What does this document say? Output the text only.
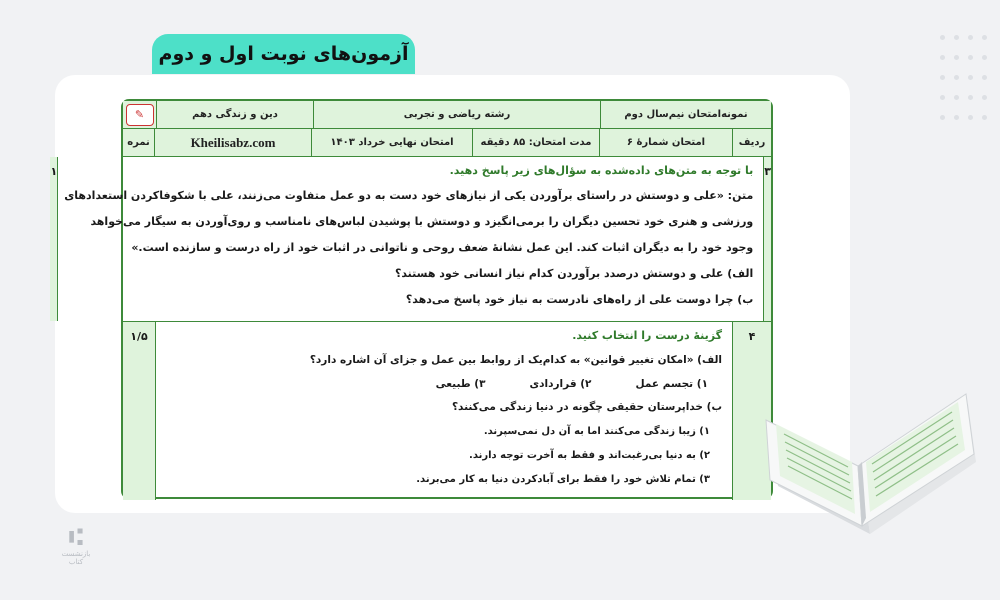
آزمون‌های نوبت اول و دوم
نمونه‌امتحان نیم‌سال دوم
رشته ریاضی و تجربی
دین و زندگی دهم
✎
ردیف
امتحان شمارهٔ ۶
مدت امتحان: ۸۵ دقیقه
امتحان نهایی خرداد ۱۴۰۳
Kheilisabz.com
نمره
۳
با توجه به متن‌های داده‌شده به سؤال‌های زیر پاسخ دهید.
متن: «علی و دوستش در راستای برآوردن یکی از نیازهای خود دست به دو عمل متفاوت می‌زنند، علی با شکوفاکردن استعدادهای
ورزشی و هنری خود تحسین دیگران را برمی‌انگیزد و دوستش با پوشیدن لباس‌های نامناسب و روی‌آوردن به سیگار می‌خواهد
وجود خود را به دیگران اثبات کند. این عمل نشانهٔ ضعف روحی و ناتوانی در اثبات خود از راه درست و سازنده است.»
الف) علی و دوستش درصدد برآوردن کدام نیاز انسانی خود هستند؟
ب) چرا دوست علی از راه‌های نادرست به نیاز خود پاسخ می‌دهد؟
۱
۴
گزینهٔ درست را انتخاب کنید.
الف) «امکان تغییر قوانین» به کدام‌یک از روابط بین عمل و جزای آن اشاره دارد؟
۱) تجسم عمل
۲) قراردادی
۳) طبیعی
ب) خداپرستان حقیقی چگونه در دنیا زندگی می‌کنند؟
۱) زیبا زندگی می‌کنند اما به آن دل نمی‌سپرند.
۲) به دنیا بی‌رغبت‌اند و فقط به آخرت توجه دارند.
۳) تمام تلاش خود را فقط برای آبادکردن دنیا به کار می‌برند.
۱/۵
⑆
بازنشست کتاب
